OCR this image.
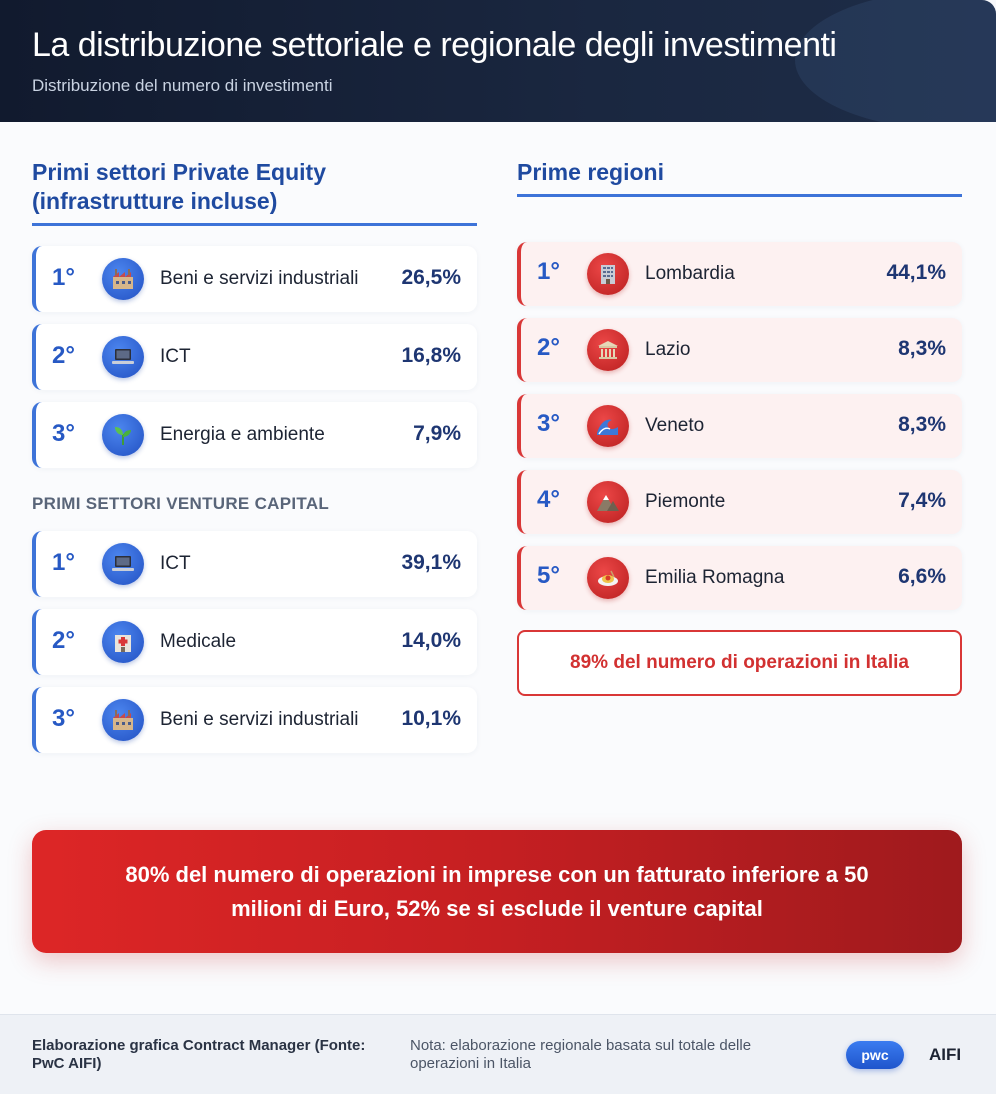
La distribuzione settoriale e regionale degli investimenti
Distribuzione del numero di investimenti
Primi settori Private Equity
(infrastrutture incluse)
1°	Beni e servizi industriali 26,5%
2°	ICT	16,8%
3°	Energia e ambiente	7,9%
PRIMI SETTORI VENTURE CAPITAL
1°	ICT	39,1%
2°	Medicale	14,0%
3°	Beni e servizi industriali 10,1%
Prime regioni
1°	Lombardia	44,1%
2°	Lazio	8,3%
3°	Veneto	8,3%
4°	Piemonte	7,4%
5°	Emilia Romagna	6,6%
89% del numero di operazioni in Italia
80% del numero di operazioni in imprese con un fatturato inferiore a 50 milioni di Euro, 52% se si esclude il venture capital
Elaborazione grafica Contract Manager (Fonte: PwC AIFI)
Nota: elaborazione regionale basata sul totale delle operazioni in Italia	pwc	AIFI
